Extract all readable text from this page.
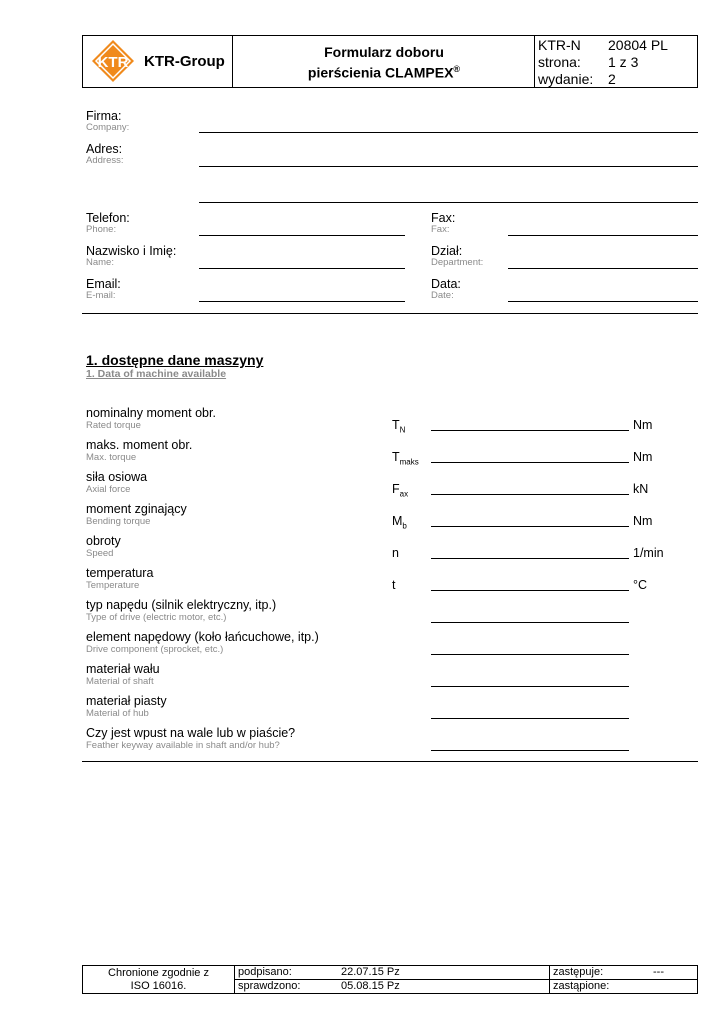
KTR KTR-Group
Formularz doboru
pierścienia CLAMPEX®
KTR-N 20804 PL
strona: 1 z 3
wydanie: 2
Firma:
Company:
Adres:
Address:
Telefon:
Phone:
Fax:
Fax:
Nazwisko i Imię:
Name:
Dział:
Department:
Email:
E-mail:
Data:
Date:
1. dostępne dane maszyny
1. Data of machine available
nominalny moment obr.
Rated torque	$T_N$	Nm
maks. moment obr.
Max. torque	$T_{maks}$	Nm
siła osiowa
Axial force	$F_{ax}$	kN
moment zginający
Bending torque	$M_b$	Nm
obroty
Speed	n	1/min
temperatura
Temperature	t	°C
typ napędu (silnik elektryczny, itp.)
Type of drive (electric motor, etc.)
element napędowy (koło łańcuchowe, itp.)
Drive component (sprocket, etc.)
materiał wału
Material of shaft
materiał piasty
Material of hub
Czy jest wpust na wale lub w piaście?
Feather keyway available in shaft and/or hub?
Chronione zgodnie z
ISO 16016.
podpisano:	22.07.15 Pz
sprawdzono:	05.08.15 Pz
zastępuje:	---
zastąpione:
